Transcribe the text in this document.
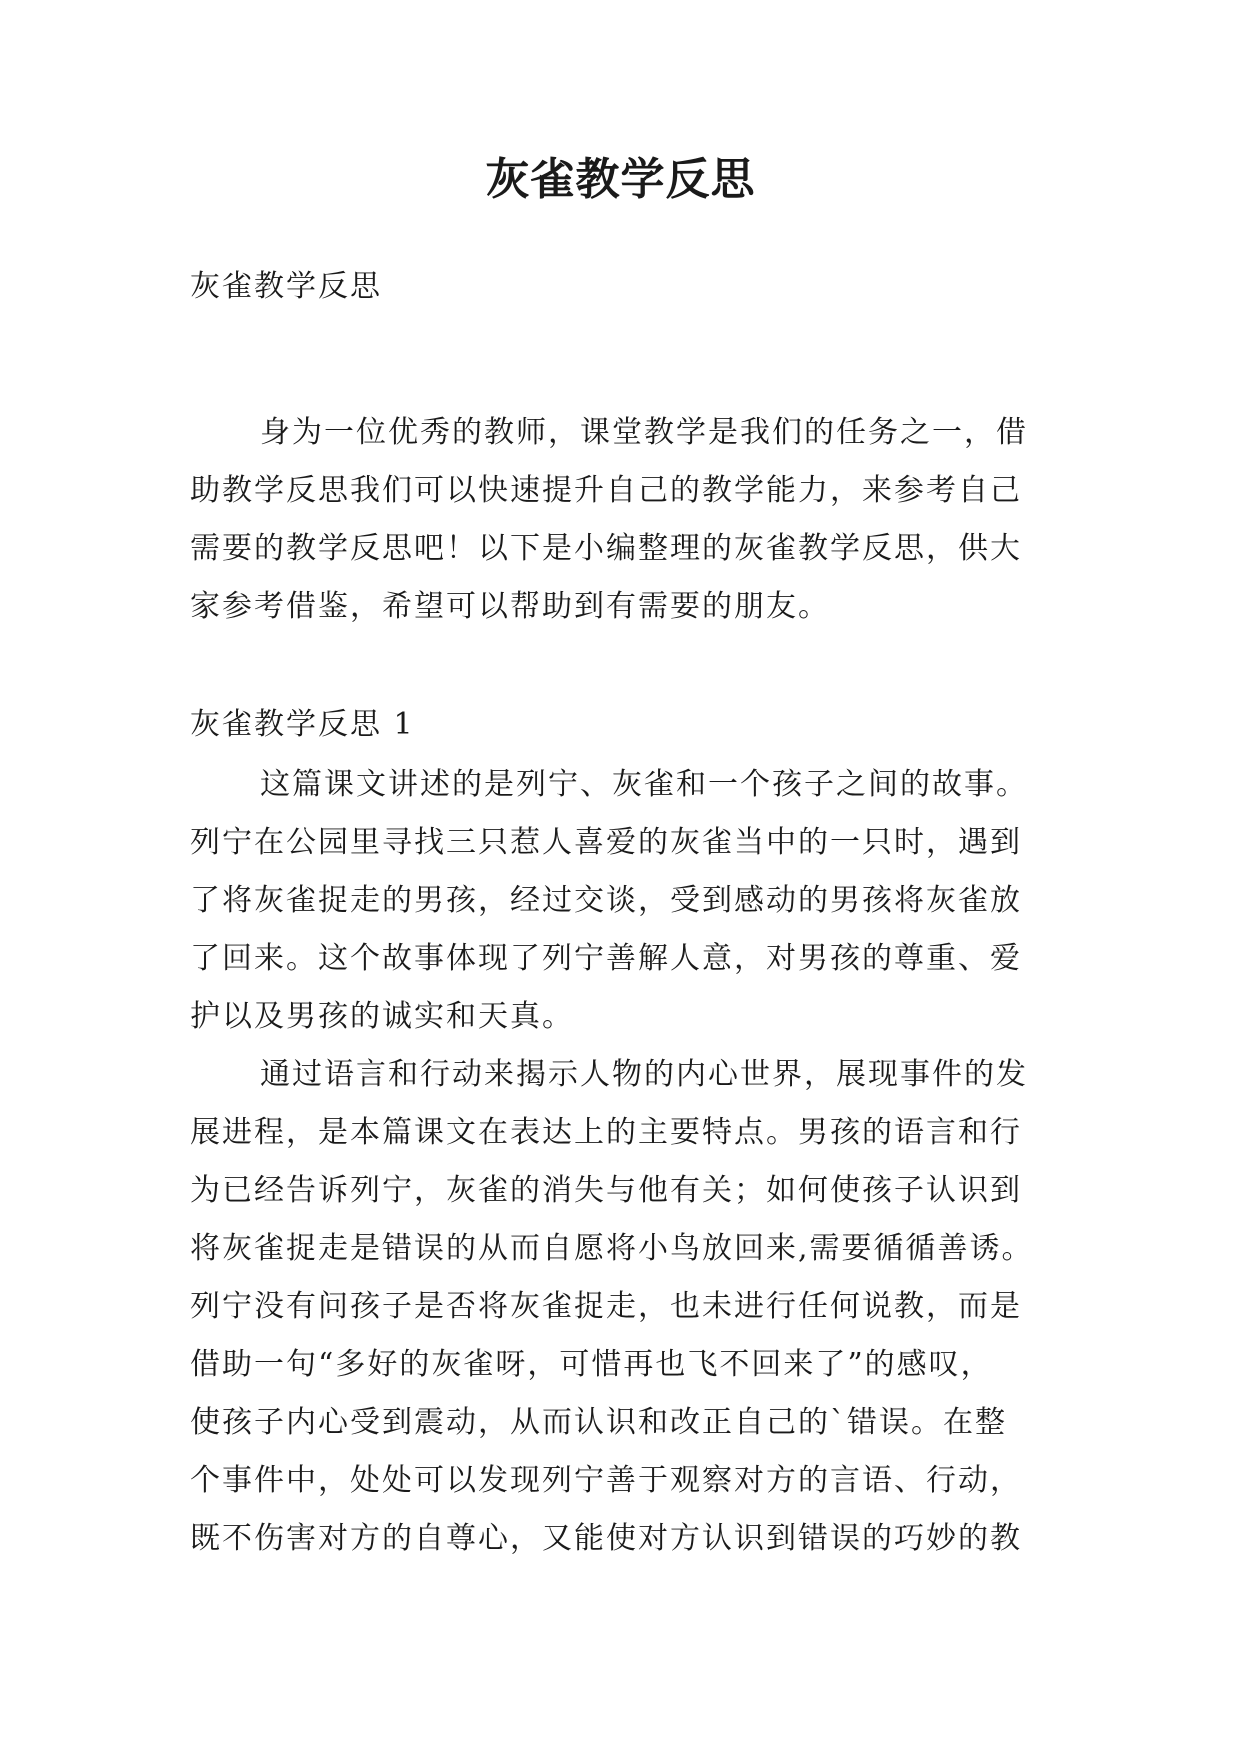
灰雀教学反思
灰雀教学反思
身为一位优秀的教师，课堂教学是我们的任务之一，借
助教学反思我们可以快速提升自己的教学能力，来参考自己
需要的教学反思吧！以下是小编整理的灰雀教学反思，供大
家参考借鉴，希望可以帮助到有需要的朋友。
灰雀教学反思 1
这篇课文讲述的是列宁、灰雀和一个孩子之间的故事。
列宁在公园里寻找三只惹人喜爱的灰雀当中的一只时，遇到
了将灰雀捉走的男孩，经过交谈，受到感动的男孩将灰雀放
了回来。这个故事体现了列宁善解人意，对男孩的尊重、爱
护以及男孩的诚实和天真。
通过语言和行动来揭示人物的内心世界，展现事件的发
展进程，是本篇课文在表达上的主要特点。男孩的语言和行
为已经告诉列宁，灰雀的消失与他有关；如何使孩子认识到
将灰雀捉走是错误的从而自愿将小鸟放回来,需要循循善诱。
列宁没有问孩子是否将灰雀捉走，也未进行任何说教，而是
借助一句“多好的灰雀呀，可惜再也飞不回来了”的感叹，
使孩子内心受到震动，从而认识和改正自己的`错误。在整
个事件中，处处可以发现列宁善于观察对方的言语、行动，
既不伤害对方的自尊心，又能使对方认识到错误的巧妙的教
